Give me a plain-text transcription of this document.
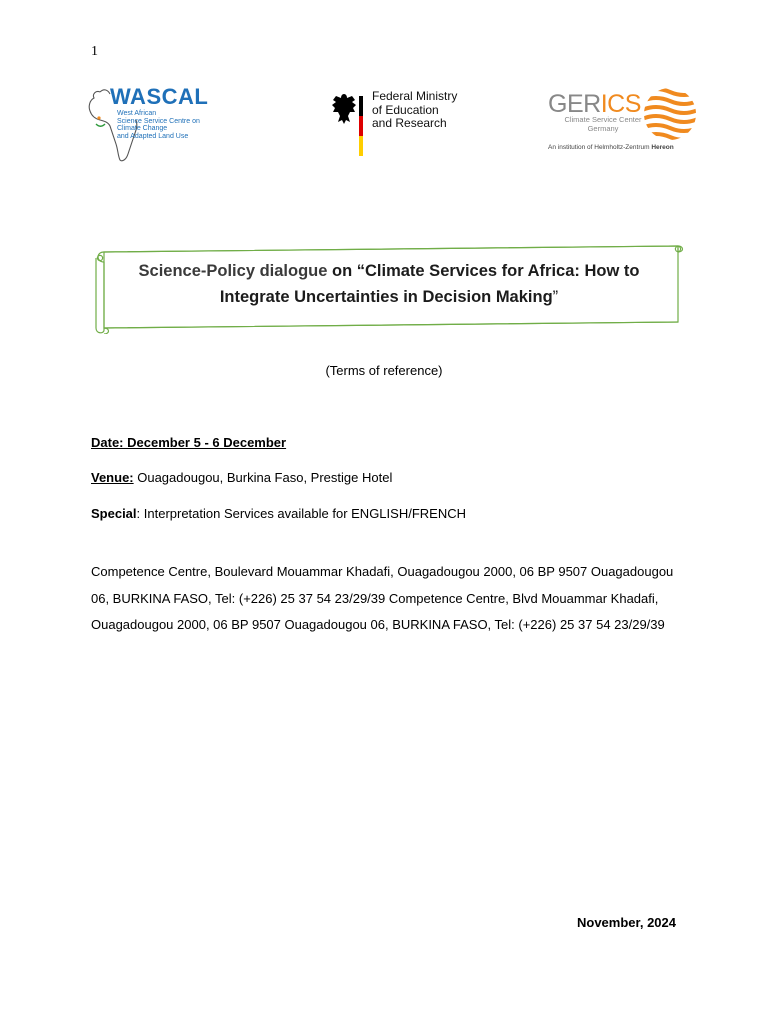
1
WASCAL
West African
Science Service Centre on
Climate Change
and Adapted Land Use
Federal Ministry
of Education
and Research
GERICS
Climate Service Center
Germany
An institution of Helmholtz-Zentrum Hereon
Science-Policy dialogue on “Climate Services for Africa: How to
Integrate Uncertainties in Decision Making”
(Terms of reference)
Date: December 5 - 6 December
Venue: Ouagadougou, Burkina Faso, Prestige Hotel
Special: Interpretation Services available for ENGLISH/FRENCH
Competence Centre, Boulevard Mouammar Khadafi, Ouagadougou 2000, 06 BP 9507 Ouagadougou 06, BURKINA FASO, Tel: (+226) 25 37 54 23/29/39 Competence Centre, Blvd Mouammar Khadafi, Ouagadougou 2000, 06 BP 9507 Ouagadougou 06, BURKINA FASO, Tel: (+226) 25 37 54 23/29/39
November, 2024
